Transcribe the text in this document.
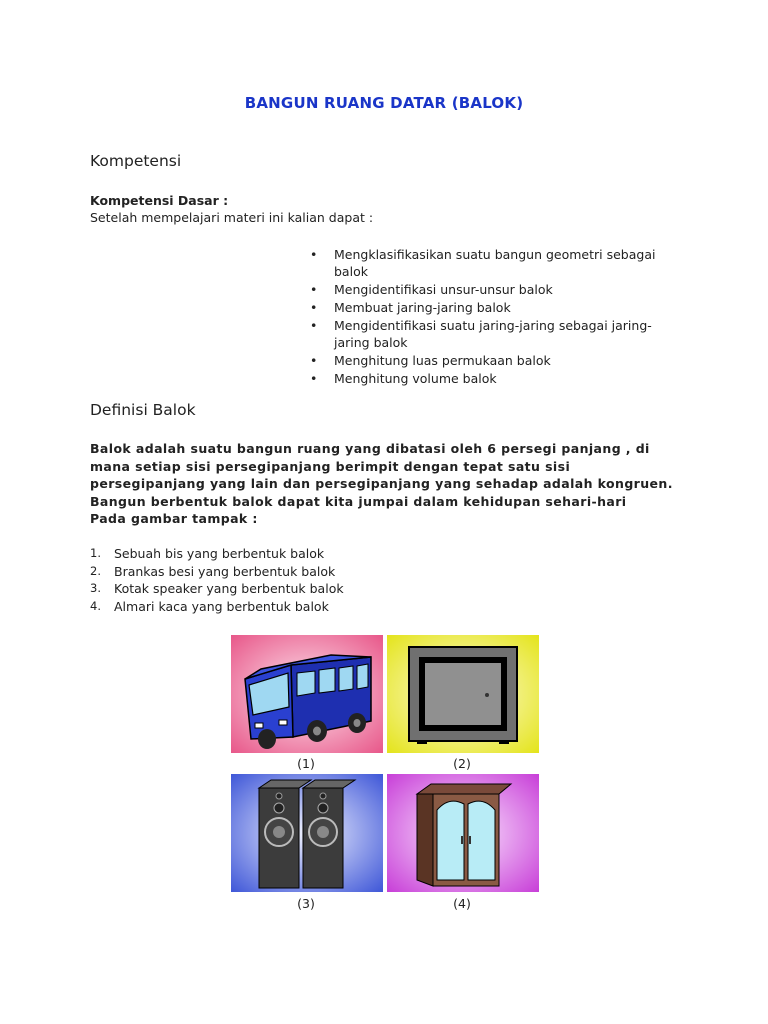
BANGUN RUANG DATAR (BALOK)
Kompetensi
Kompetensi Dasar :
Setelah mempelajari materi ini kalian dapat :
• Mengklasifikasikan suatu bangun geometri sebagai balok
• Mengidentifikasi unsur-unsur balok
• Membuat jaring-jaring balok
• Mengidentifikasi suatu jaring-jaring sebagai jaring-jaring balok
• Menghitung luas permukaan balok
• Menghitung volume balok
Definisi Balok
Balok adalah suatu bangun ruang yang dibatasi oleh 6 persegi panjang , di mana setiap sisi persegipanjang berimpit dengan tepat satu sisi persegipanjang yang lain dan persegipanjang yang sehadap adalah kongruen.
Bangun berbentuk balok dapat kita jumpai dalam kehidupan sehari-hari
Pada gambar tampak :
1. Sebuah bis yang berbentuk balok
2. Brankas besi yang berbentuk balok
3. Kotak speaker yang berbentuk balok
4. Almari kaca yang berbentuk balok
(1)	(2)
(3)	(4)
